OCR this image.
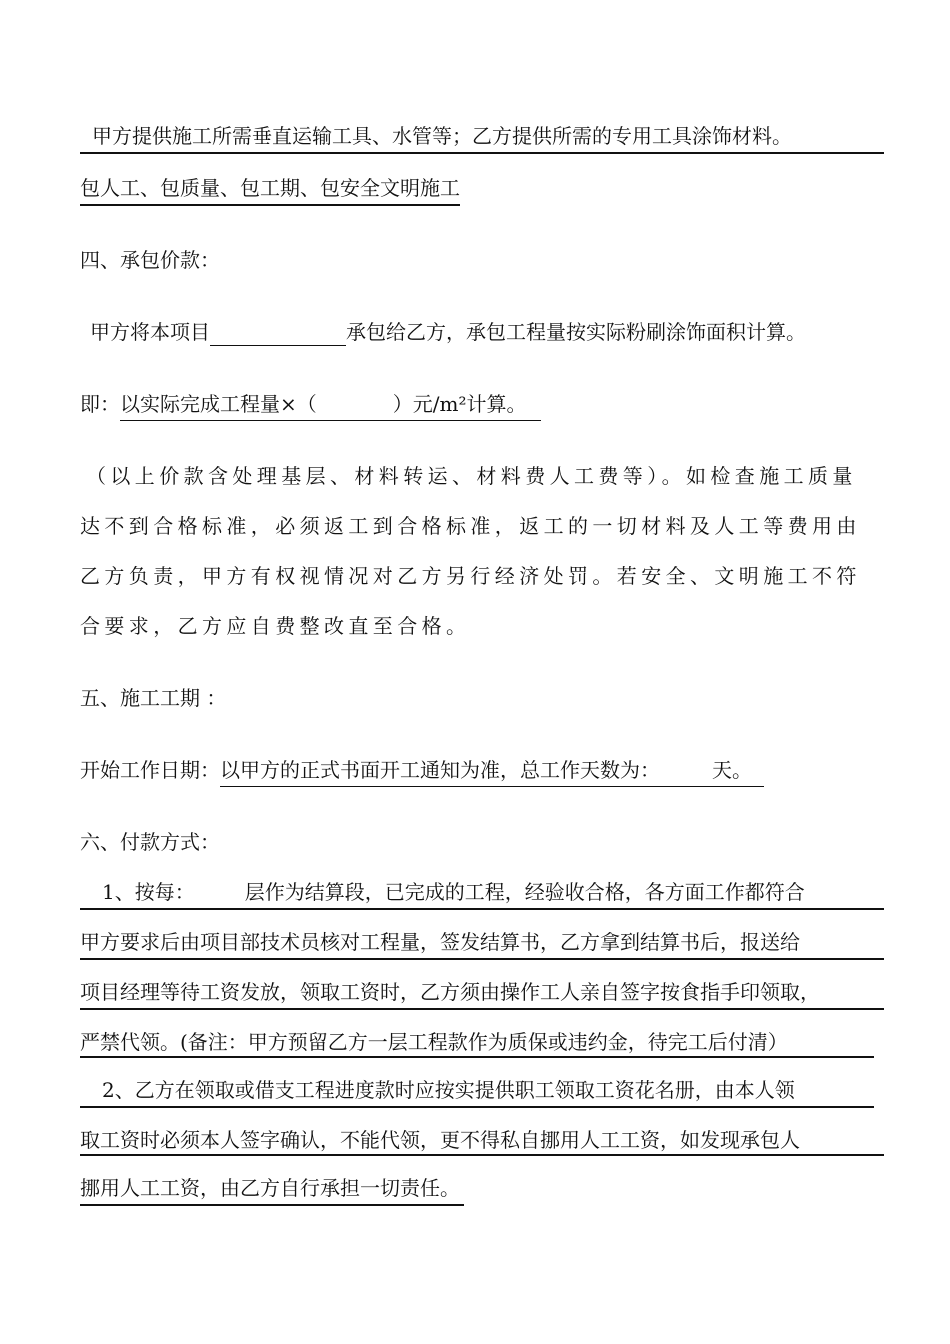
甲方提供施工所需垂直运输工具、水管等；乙方提供所需的专用工具涂饰材料。
包人工、包质量、包工期、包安全文明施工
四、承包价款：
甲方将本项目	承包给乙方，承包工程量按实际粉刷涂饰面积计算。
即：以实际完成工程量×（	）元/m²计算。
（以上价款含处理基层、材料转运、材料费人工费等）。如检查施工质量
达不到合格标准，必须返工到合格标准，返工的一切材料及人工等费用由
乙方负责，甲方有权视情况对乙方另行经济处罚。若安全、文明施工不符
合要求，乙方应自费整改直至合格。
五、施工工期 ：
开始工作日期：以甲方的正式书面开工通知为准，总工作天数为：	天。
六、付款方式：
1、按每：	层作为结算段，已完成的工程，经验收合格，各方面工作都符合
甲方要求后由项目部技术员核对工程量，签发结算书，乙方拿到结算书后，报送给
项目经理等待工资发放，领取工资时，乙方须由操作工人亲自签字按食指手印领取，
严禁代领。(备注：甲方预留乙方一层工程款作为质保或违约金，待完工后付清）
2、乙方在领取或借支工程进度款时应按实提供职工领取工资花名册，由本人领
取工资时必须本人签字确认，不能代领，更不得私自挪用人工工资，如发现承包人
挪用人工工资，由乙方自行承担一切责任。
